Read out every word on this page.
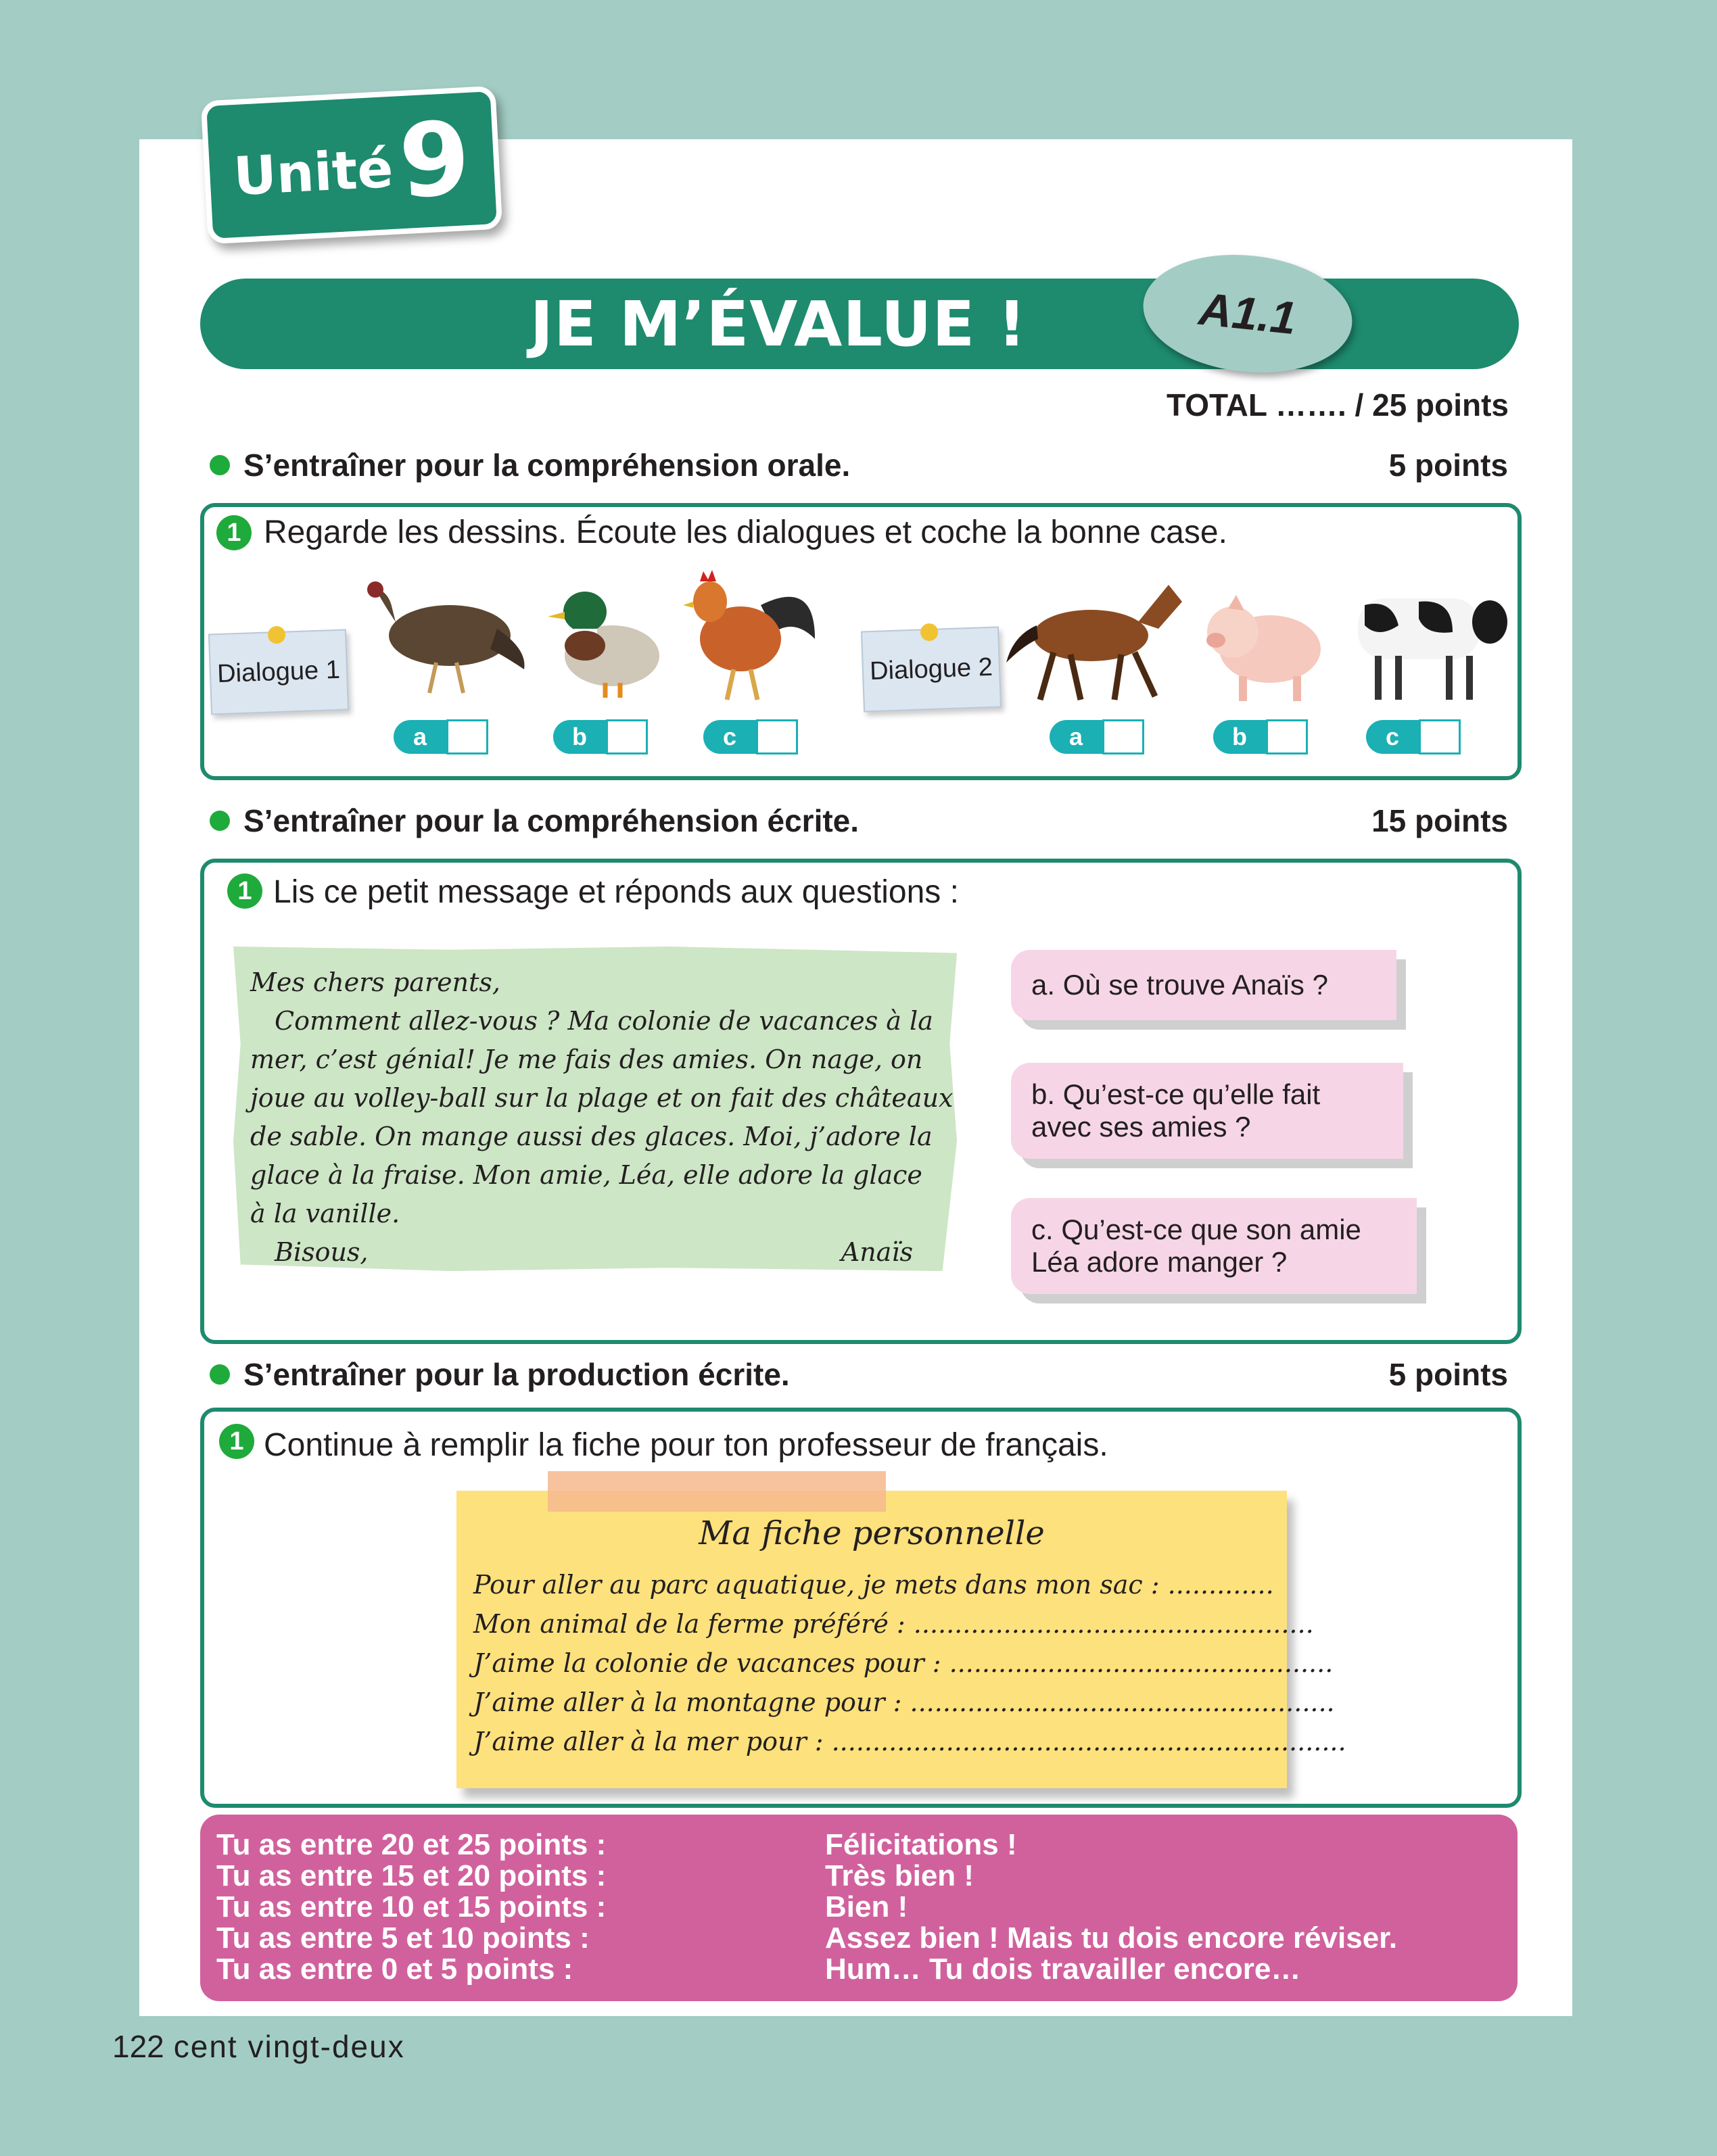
Unité 9
JE M’ÉVALUE !	A1.1
TOTAL ……. / 25 points
S’entraîner pour la compréhension orale.	5 points
1 Regarde les dessins. Écoute les dialogues et coche la bonne case.
Dialogue 1
a	b	c
Dialogue 2
a	b	c
S’entraîner pour la compréhension écrite.	15 points
1 Lis ce petit message et réponds aux questions :
Mes chers parents,
Comment allez-vous ? Ma colonie de vacances à la
mer, c’est génial! Je me fais des amies. On nage, on
joue au volley-ball sur la plage et on fait des châteaux
de sable. On mange aussi des glaces. Moi, j’adore la
glace à la fraise. Mon amie, Léa, elle adore la glace
à la vanille.
Bisous,	Anaïs
a. Où se trouve Anaïs ?
b. Qu’est-ce qu’elle fait
avec ses amies ?
c. Qu’est-ce que son amie
Léa adore manger ?
S’entraîner pour la production écrite.	5 points
1 Continue à remplir la fiche pour ton professeur de français.
Ma fiche personnelle
Pour aller au parc aquatique, je mets dans mon sac : .............
Mon animal de la ferme préféré : .................................................
J’aime la colonie de vacances pour : ...............................................
J’aime aller à la montagne pour : ....................................................
J’aime aller à la mer pour : ...............................................................
Tu as entre 20 et 25 points :	Félicitations !
Tu as entre 15 et 20 points :	Très bien !
Tu as entre 10 et 15 points :	Bien !
Tu as entre 5 et 10 points :	Assez bien ! Mais tu dois encore réviser.
Tu as entre 0 et 5 points :	Hum… Tu dois travailler encore…
122 cent vingt-deux
